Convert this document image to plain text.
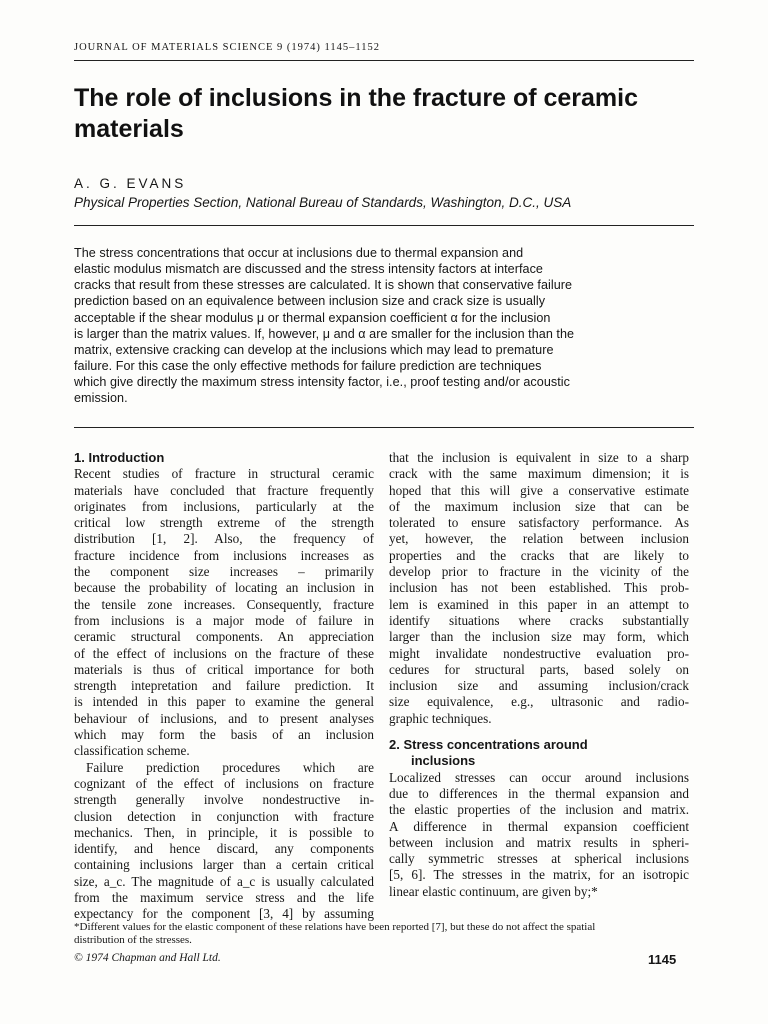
JOURNAL OF MATERIALS SCIENCE 9 (1974) 1145–1152
The role of inclusions in the fracture of ceramic materials
A. G. EVANS
Physical Properties Section, National Bureau of Standards, Washington, D.C., USA
The stress concentrations that occur at inclusions due to thermal expansion and
elastic modulus mismatch are discussed and the stress intensity factors at interface
cracks that result from these stresses are calculated. It is shown that conservative failure
prediction based on an equivalence between inclusion size and crack size is usually
acceptable if the shear modulus μ or thermal expansion coefficient α for the inclusion
is larger than the matrix values. If, however, μ and α are smaller for the inclusion than the
matrix, extensive cracking can develop at the inclusions which may lead to premature
failure. For this case the only effective methods for failure prediction are techniques
which give directly the maximum stress intensity factor, i.e., proof testing and/or acoustic
emission.
1. Introduction
Recent studies of fracture in structural ceramic
materials have concluded that fracture frequently
originates from inclusions, particularly at the
critical low strength extreme of the strength
distribution [1, 2]. Also, the frequency of
fracture incidence from inclusions increases as
the component size increases – primarily
because the probability of locating an inclusion in
the tensile zone increases. Consequently, fracture
from inclusions is a major mode of failure in
ceramic structural components. An appreciation
of the effect of inclusions on the fracture of these
materials is thus of critical importance for both
strength intepretation and failure prediction. It
is intended in this paper to examine the general
behaviour of inclusions, and to present analyses
which may form the basis of an inclusion
classification scheme.
Failure prediction procedures which are
cognizant of the effect of inclusions on fracture
strength generally involve nondestructive in-
clusion detection in conjunction with fracture
mechanics. Then, in principle, it is possible to
identify, and hence discard, any components
containing inclusions larger than a certain critical
size, a_c. The magnitude of a_c is usually calculated
from the maximum service stress and the life
expectancy for the component [3, 4] by assuming
that the inclusion is equivalent in size to a sharp
crack with the same maximum dimension; it is
hoped that this will give a conservative estimate
of the maximum inclusion size that can be
tolerated to ensure satisfactory performance. As
yet, however, the relation between inclusion
properties and the cracks that are likely to
develop prior to fracture in the vicinity of the
inclusion has not been established. This prob-
lem is examined in this paper in an attempt to
identify situations where cracks substantially
larger than the inclusion size may form, which
might invalidate nondestructive evaluation pro-
cedures for structural parts, based solely on
inclusion size and assuming inclusion/crack
size equivalence, e.g., ultrasonic and radio-
graphic techniques.
2. Stress concentrations around
inclusions
Localized stresses can occur around inclusions
due to differences in the thermal expansion and
the elastic properties of the inclusion and matrix.
A difference in thermal expansion coefficient
between inclusion and matrix results in spheri-
cally symmetric stresses at spherical inclusions
[5, 6]. The stresses in the matrix, for an isotropic
linear elastic continuum, are given by;*
*Different values for the elastic component of these relations have been reported [7], but these do not affect the spatial
distribution of the stresses.
© 1974 Chapman and Hall Ltd.	1145
